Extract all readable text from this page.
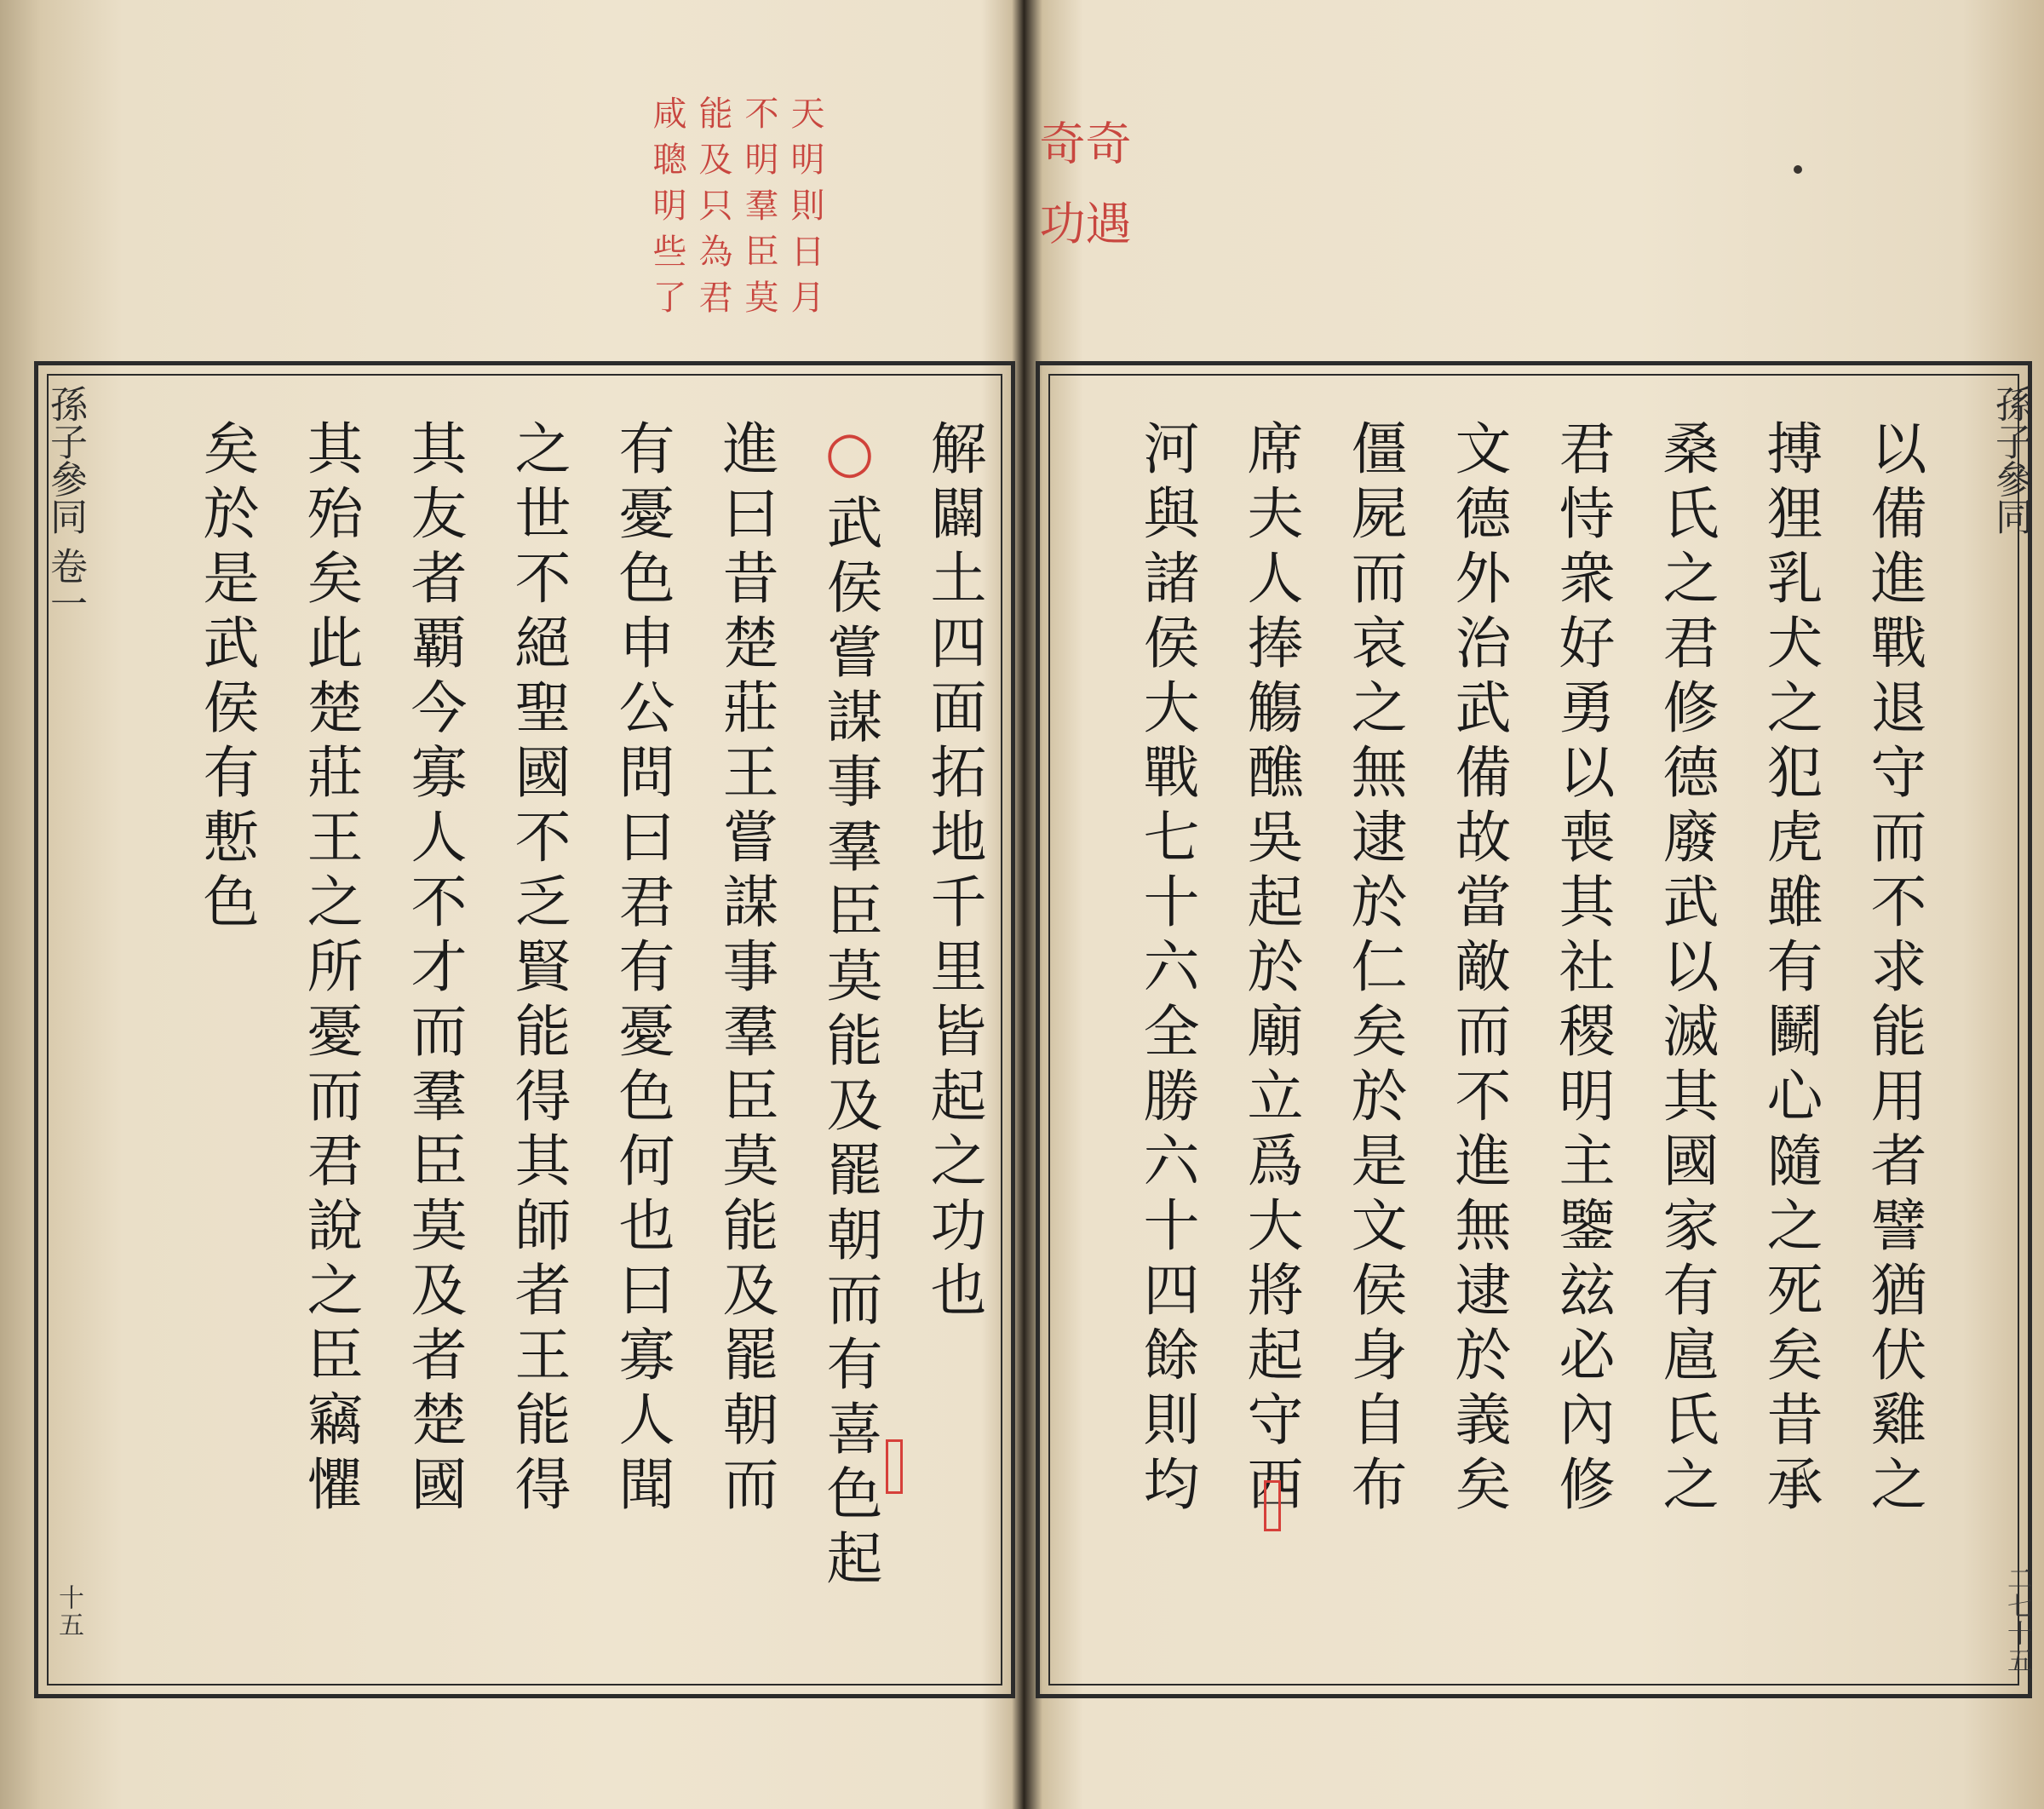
天明則日月
不明羣臣莫
能及只為君
咸聰明些了
孫子參同 卷一
十五
解闢土四面拓地千里皆起之功也
○ 武侯嘗謀事羣臣莫能及罷朝而有喜色起
進曰昔楚莊王嘗謀事羣臣莫能及罷朝而
有憂色申公問曰君有憂色何也曰寡人聞
之世不絕聖國不乏賢能得其師者王能得
其友者覇今寡人不才而羣臣莫及者楚國
其殆矣此楚莊王之所憂而君說之臣竊懼
矣於是武侯有慙色
奇遇
奇功
以備進戰退守而不求能用者譬猶伏雞之
搏狸乳犬之犯虎雖有鬭心隨之死矣昔承
桑氏之君修德廢武以滅其國家有扈氏之
君恃衆好勇以喪其社稷明主鑒玆必內修
文德外治武備故當敵而不進無逮於義矣
僵屍而哀之無逮於仁矣於是文侯身自布
席夫人捧觴醮吳起於廟立爲大將起守西
河與諸侯大戰七十六全勝六十四餘則均	孫子參同
二七十五
